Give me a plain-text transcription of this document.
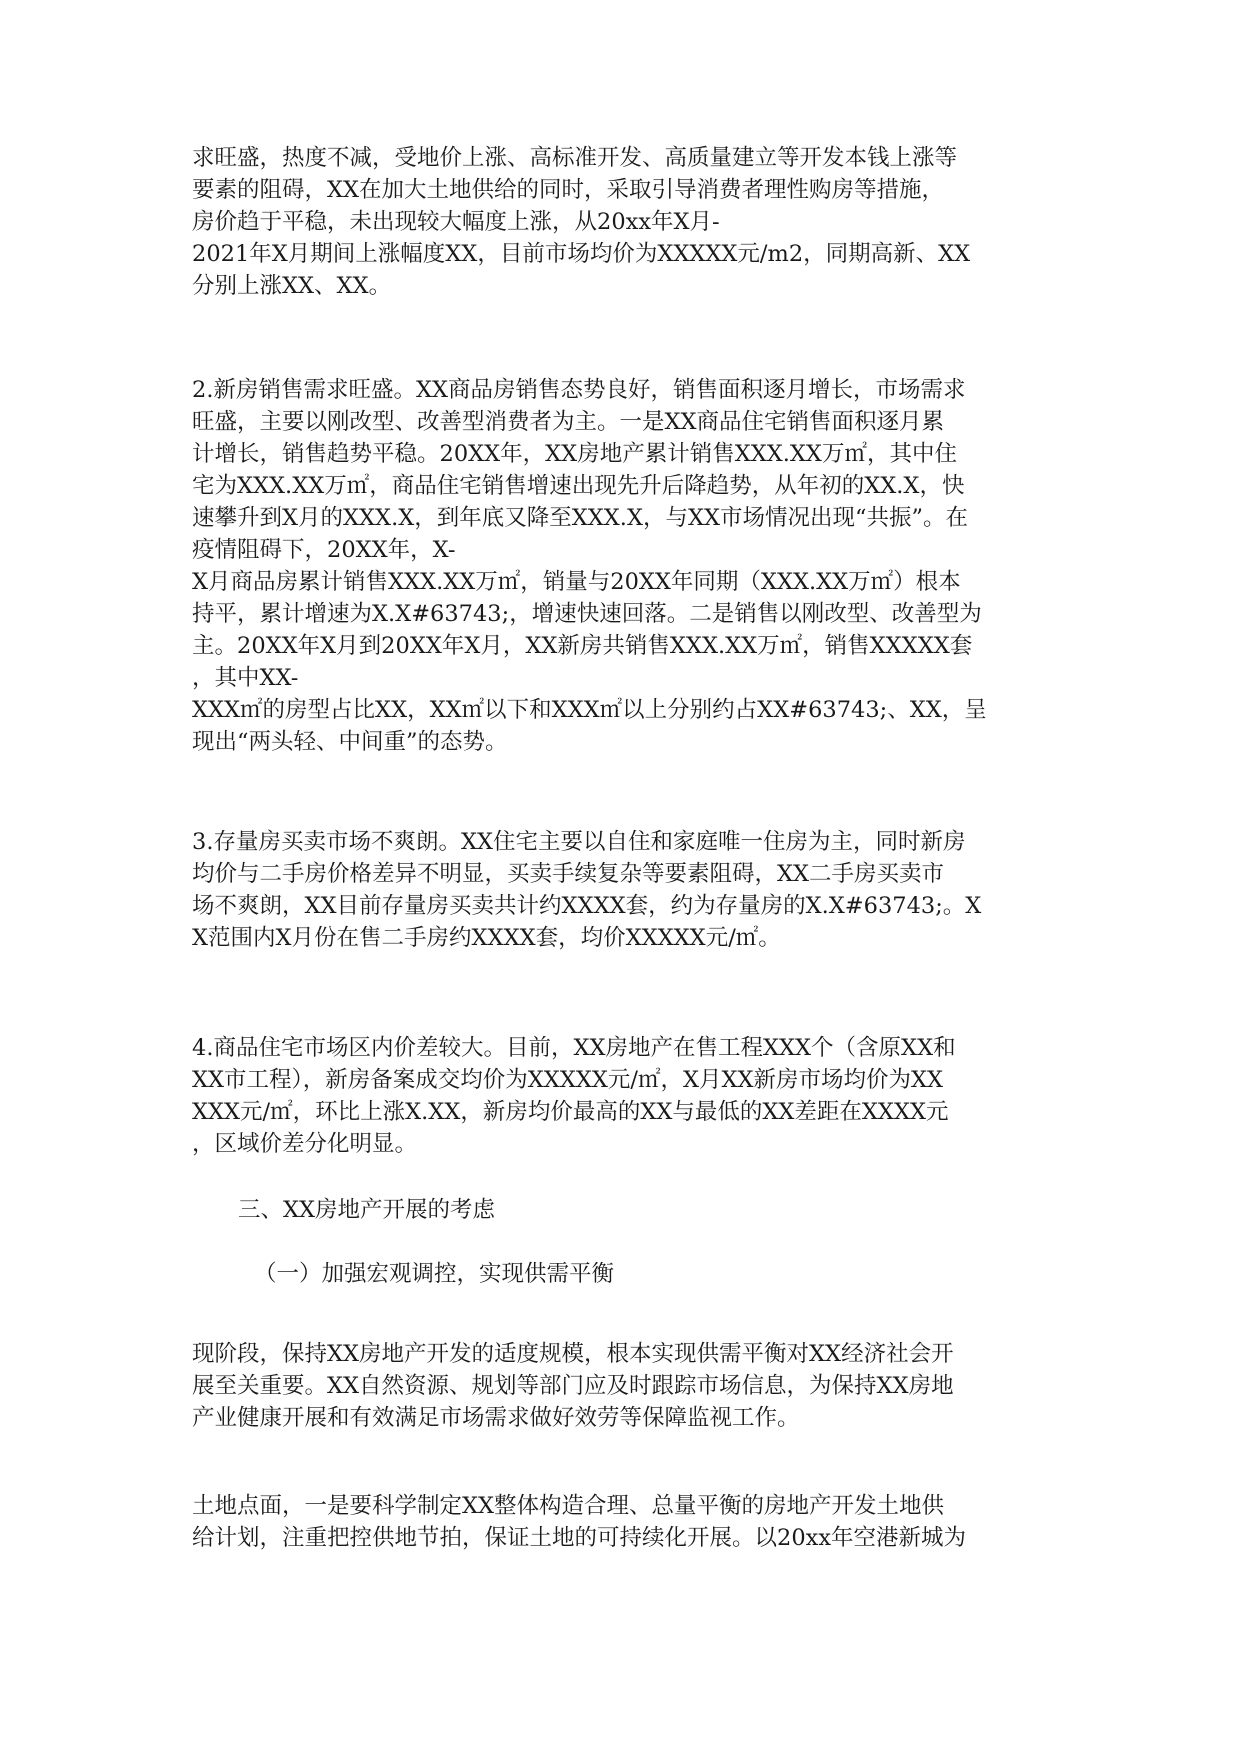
求旺盛，热度不减，受地价上涨、高标准开发、高质量建立等开发本钱上涨等
要素的阻碍，XX在加大土地供给的同时，采取引导消费者理性购房等措施，
房价趋于平稳，未出现较大幅度上涨，从20xx年X月-
2021年X月期间上涨幅度XX，目前市场均价为XXXXX元/m2，同期高新、XX
分别上涨XX、XX。
2.新房销售需求旺盛。XX商品房销售态势良好，销售面积逐月增长，市场需求
旺盛，主要以刚改型、改善型消费者为主。一是XX商品住宅销售面积逐月累
计增长，销售趋势平稳。20XX年，XX房地产累计销售XXX.XX万㎡，其中住
宅为XXX.XX万㎡，商品住宅销售增速出现先升后降趋势，从年初的XX.X，快
速攀升到X月的XXX.X，到年底又降至XXX.X，与XX市场情况出现“共振”。在
疫情阻碍下，20XX年，X-
X月商品房累计销售XXX.XX万㎡，销量与20XX年同期（XXX.XX万㎡）根本
持平，累计增速为X.X#63743;，增速快速回落。二是销售以刚改型、改善型为
主。20XX年X月到20XX年X月，XX新房共销售XXX.XX万㎡，销售XXXXX套
，其中XX-
XXX㎡的房型占比XX，XX㎡以下和XXX㎡以上分别约占XX#63743;、XX，呈
现出“两头轻、中间重”的态势。
3.存量房买卖市场不爽朗。XX住宅主要以自住和家庭唯一住房为主，同时新房
均价与二手房价格差异不明显，买卖手续复杂等要素阻碍，XX二手房买卖市
场不爽朗，XX目前存量房买卖共计约XXXX套，约为存量房的X.X#63743;。X
X范围内X月份在售二手房约XXXX套，均价XXXXX元/㎡。
4.商品住宅市场区内价差较大。目前，XX房地产在售工程XXX个（含原XX和
XX市工程），新房备案成交均价为XXXXX元/㎡，X月XX新房市场均价为XX
XXX元/㎡，环比上涨X.XX，新房均价最高的XX与最低的XX差距在XXXX元
，区域价差分化明显。
三、XX房地产开展的考虑
（一）加强宏观调控，实现供需平衡
现阶段，保持XX房地产开发的适度规模，根本实现供需平衡对XX经济社会开
展至关重要。XX自然资源、规划等部门应及时跟踪市场信息，为保持XX房地
产业健康开展和有效满足市场需求做好效劳等保障监视工作。
土地点面，一是要科学制定XX整体构造合理、总量平衡的房地产开发土地供
给计划，注重把控供地节拍，保证土地的可持续化开展。以20xx年空港新城为
